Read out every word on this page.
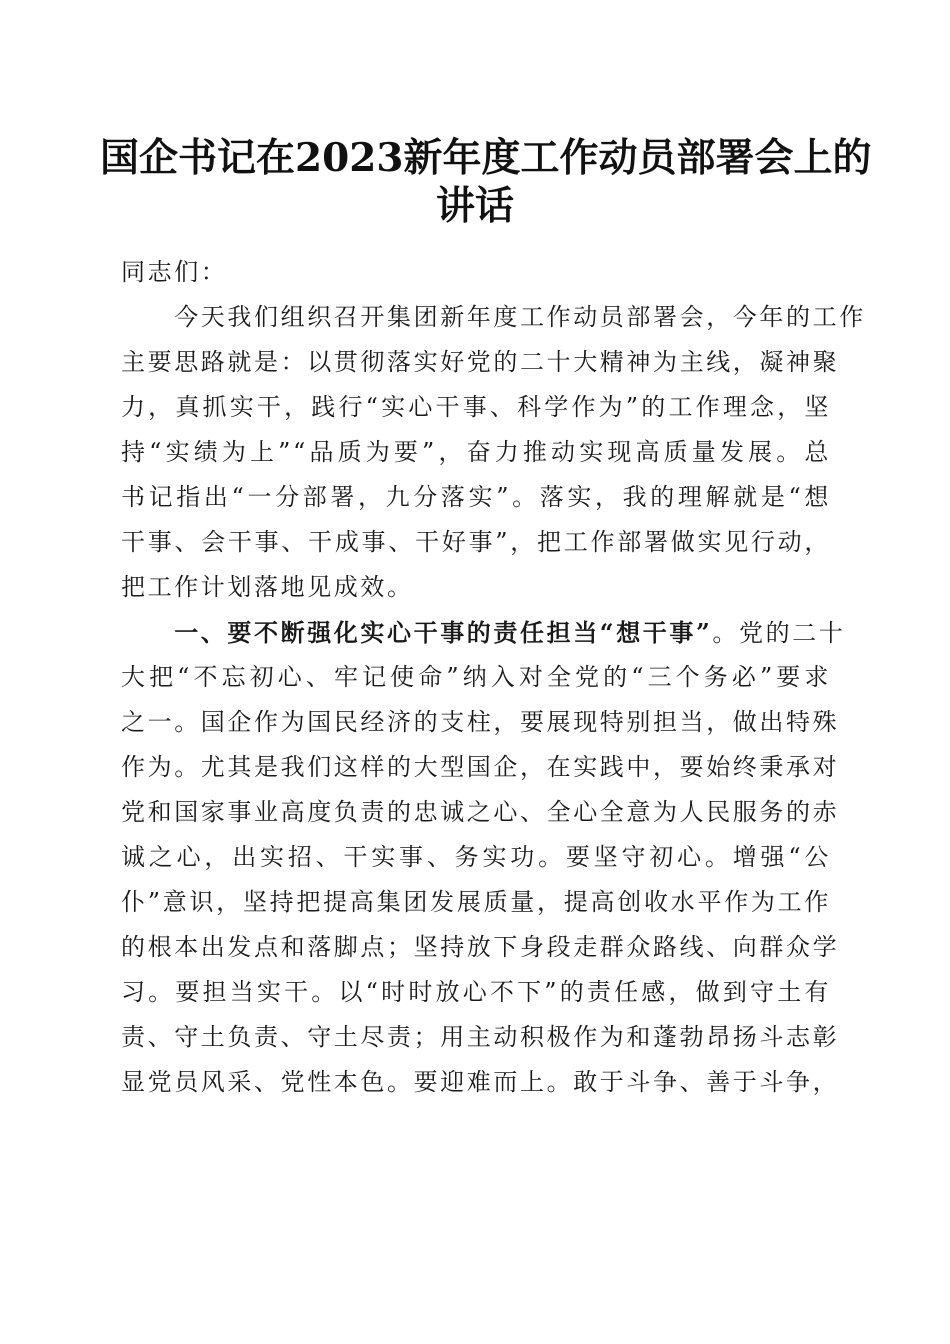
国企书记在2023新年度工作动员部署会上的
讲话
同志们：
　　今天我们组织召开集团新年度工作动员部署会，今年的工作
主要思路就是：以贯彻落实好党的二十大精神为主线，凝神聚
力，真抓实干，践行“实心干事、科学作为”的工作理念，坚
持“实绩为上”“品质为要”，奋力推动实现高质量发展。总
书记指出“一分部署，九分落实”。落实，我的理解就是“想
干事、会干事、干成事、干好事”，把工作部署做实见行动，
把工作计划落地见成效。
　　一、要不断强化实心干事的责任担当“想干事”。党的二十
大把“不忘初心、牢记使命”纳入对全党的“三个务必”要求
之一。国企作为国民经济的支柱，要展现特别担当，做出特殊
作为。尤其是我们这样的大型国企，在实践中，要始终秉承对
党和国家事业高度负责的忠诚之心、全心全意为人民服务的赤
诚之心，出实招、干实事、务实功。要坚守初心。增强“公
仆”意识，坚持把提高集团发展质量，提高创收水平作为工作
的根本出发点和落脚点；坚持放下身段走群众路线、向群众学
习。要担当实干。以“时时放心不下”的责任感，做到守土有
责、守土负责、守土尽责；用主动积极作为和蓬勃昂扬斗志彰
显党员风采、党性本色。要迎难而上。敢于斗争、善于斗争，
